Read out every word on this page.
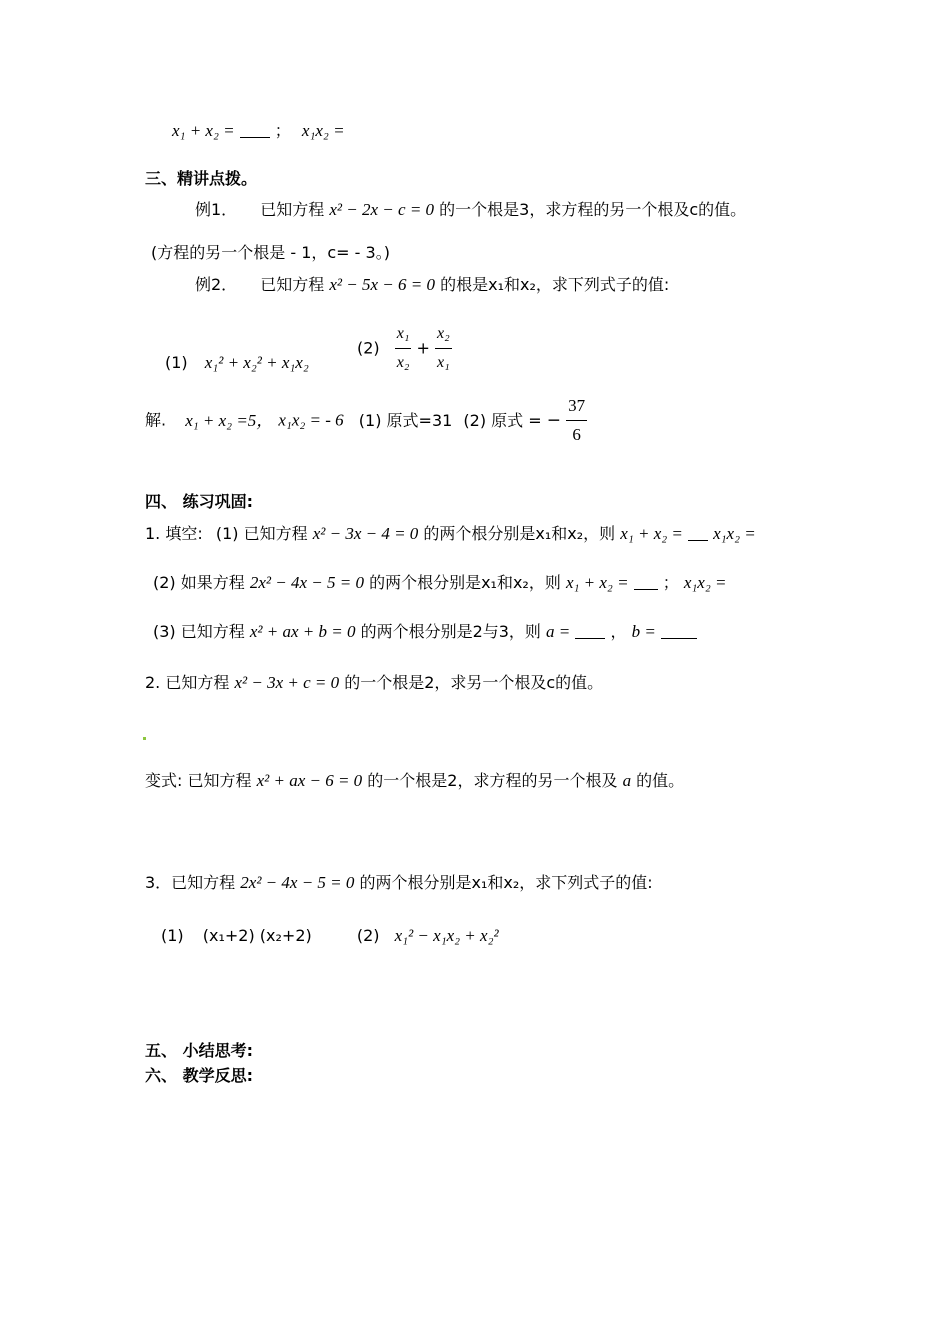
x₁ + x₂ =	； x₁x₂ =
三、精讲点拨。
例1． 已知方程 x² − 2x − c = 0 的一个根是3，求方程的另一个根及c的值。
(方程的另一个根是 - 1，c= - 3。)
例2． 已知方程 x² − 5x − 6 = 0 的根是x₁和x₂，求下列式子的值:
(1) x₁² + x₂² + x₁x₂
$(2) \frac{\text{x₁}}{\text{x₂}} + \frac{\text{x₂}}{\text{x₁}}$
解. x₁ + x₂ =5， x₁x₂ = - 6 (1) 原式=31 (2) 原式 = − $\frac{37}{6}$
四、 练习巩固:
1. 填空: (1) 已知方程 x² − 3x − 4 = 0 的两个根分别是x₁和x₂，则 x₁ + x₂ = x₁x₂ =
(2) 如果方程 2x² − 4x − 5 = 0 的两个根分别是x₁和x₂，则 x₁ + x₂ = ； x₁x₂ =
(3) 已知方程 x² + ax + b = 0 的两个根分别是2与3，则 a =	， b =
2. 已知方程 x² − 3x + c = 0 的一个根是2，求另一个根及c的值。
变式: 已知方程 x² + ax − 6 = 0 的一个根是2，求方程的另一个根及 a 的值。
3．已知方程 2x² − 4x − 5 = 0 的两个根分别是x₁和x₂，求下列式子的值:
(1) (x₁+2) (x₂+2)	(2) x₁² − x₁x₂ + x₂²
五、 小结思考:
六、 教学反思:
